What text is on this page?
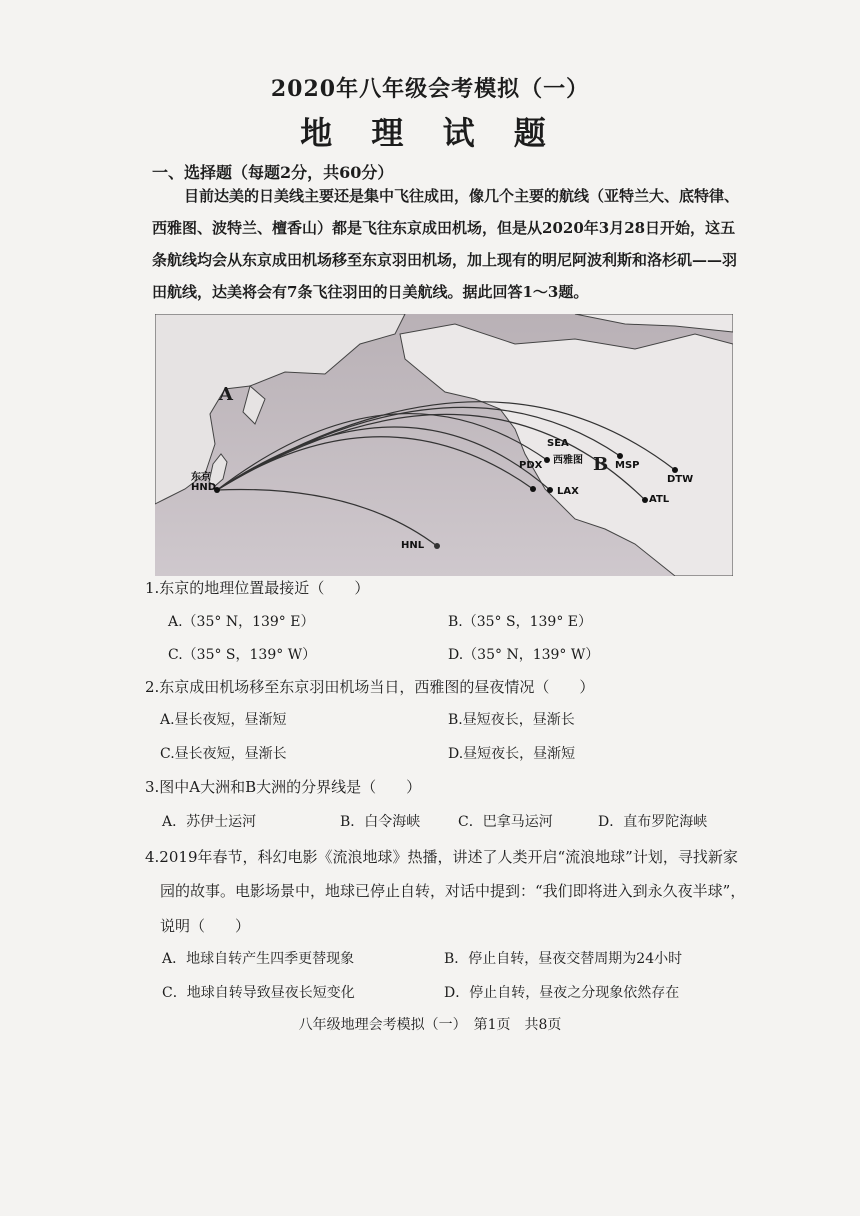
2020年八年级会考模拟（一）
地 理 试 题
一、选择题（每题2分，共60分）
目前达美的日美线主要还是集中飞往成田，像几个主要的航线（亚特兰大、底特律、西雅图、波特兰、檀香山）都是飞往东京成田机场，但是从2020年3月28日开始，这五条航线均会从东京成田机场移至东京羽田机场，加上现有的明尼阿波利斯和洛杉矶——羽田航线，达美将会有7条飞往羽田的日美航线。据此回答1～3题。
A
B
东京
HND
HNL
SEA
西雅图
PDX
LAX
MSP
DTW
ATL
1.东京的地理位置最接近（　　）
A.（35° N，139° E）	B.（35° S，139° E）
C.（35° S，139° W）	D.（35° N，139° W）
2.东京成田机场移至东京羽田机场当日，西雅图的昼夜情况（　　）
A.昼长夜短，昼渐短	B.昼短夜长，昼渐长
C.昼长夜短，昼渐长	D.昼短夜长，昼渐短
3.图中A大洲和B大洲的分界线是（　　）
A．苏伊士运河	B．白令海峡	C．巴拿马运河	D．直布罗陀海峡
4.2019年春节，科幻电影《流浪地球》热播，讲述了人类开启“流浪地球”计划，寻找新家
园的故事。电影场景中，地球已停止自转，对话中提到：“我们即将进入到永久夜半球”，
说明（　　）
A．地球自转产生四季更替现象	B．停止自转，昼夜交替周期为24小时
C．地球自转导致昼夜长短变化	D．停止自转，昼夜之分现象依然存在
八年级地理会考模拟（一）　第1页　共8页
